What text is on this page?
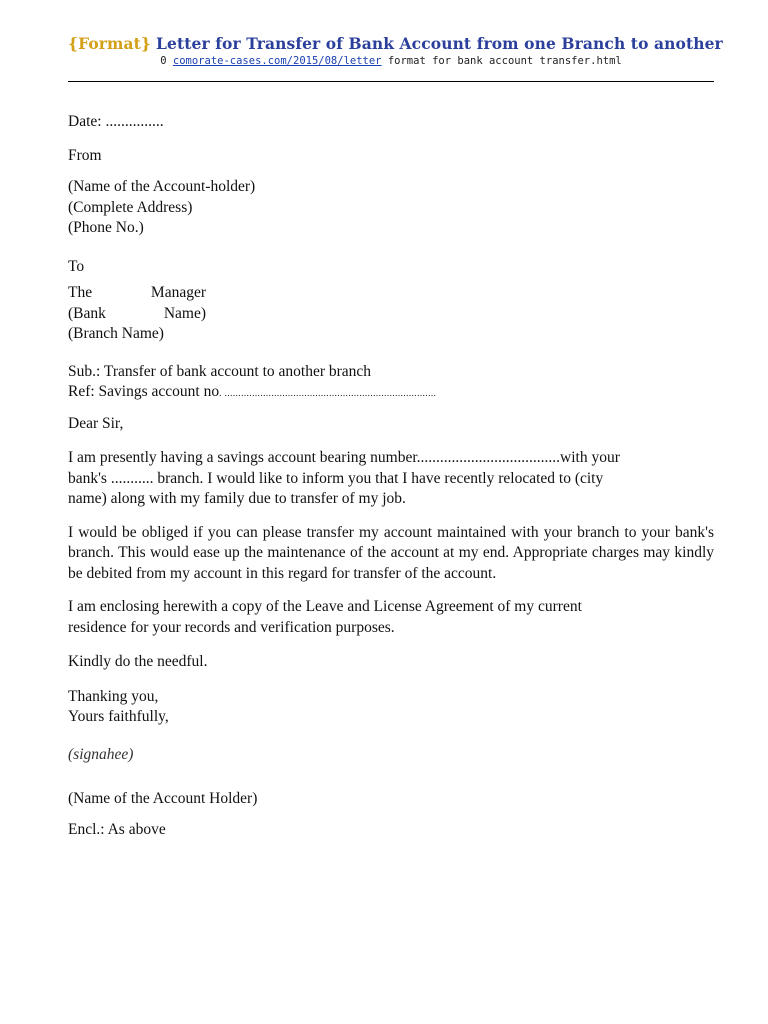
{Format} Letter for Transfer of Bank Account from one Branch to another
0 comorate-cases.com/2015/08/letter format for bank account transfer.html
Date: ...............
From
(Name of the Account-holder)
(Complete Address)
(Phone No.)
To
The	Manager
(Bank	Name)
(Branch Name)
Sub.: Transfer of bank account to another branch
Ref: Savings account no. .............................................................................
Dear Sir,
I am presently having a savings account bearing number.....................................with your
bank's ........... branch. I would like to inform you that I have recently relocated to (city
name) along with my family due to transfer of my job.

I would be obliged if you can please transfer my account maintained with your branch to your bank's branch. This would ease up the maintenance of the account at my end. Appropriate charges may kindly be debited from my account in this regard for transfer of the account.

I am enclosing herewith a copy of the Leave and License Agreement of my current
residence for your records and verification purposes.
Kindly do the needful.
Thanking you,
Yours faithfully,
(signahee)
(Name of the Account Holder)
Encl.: As above
